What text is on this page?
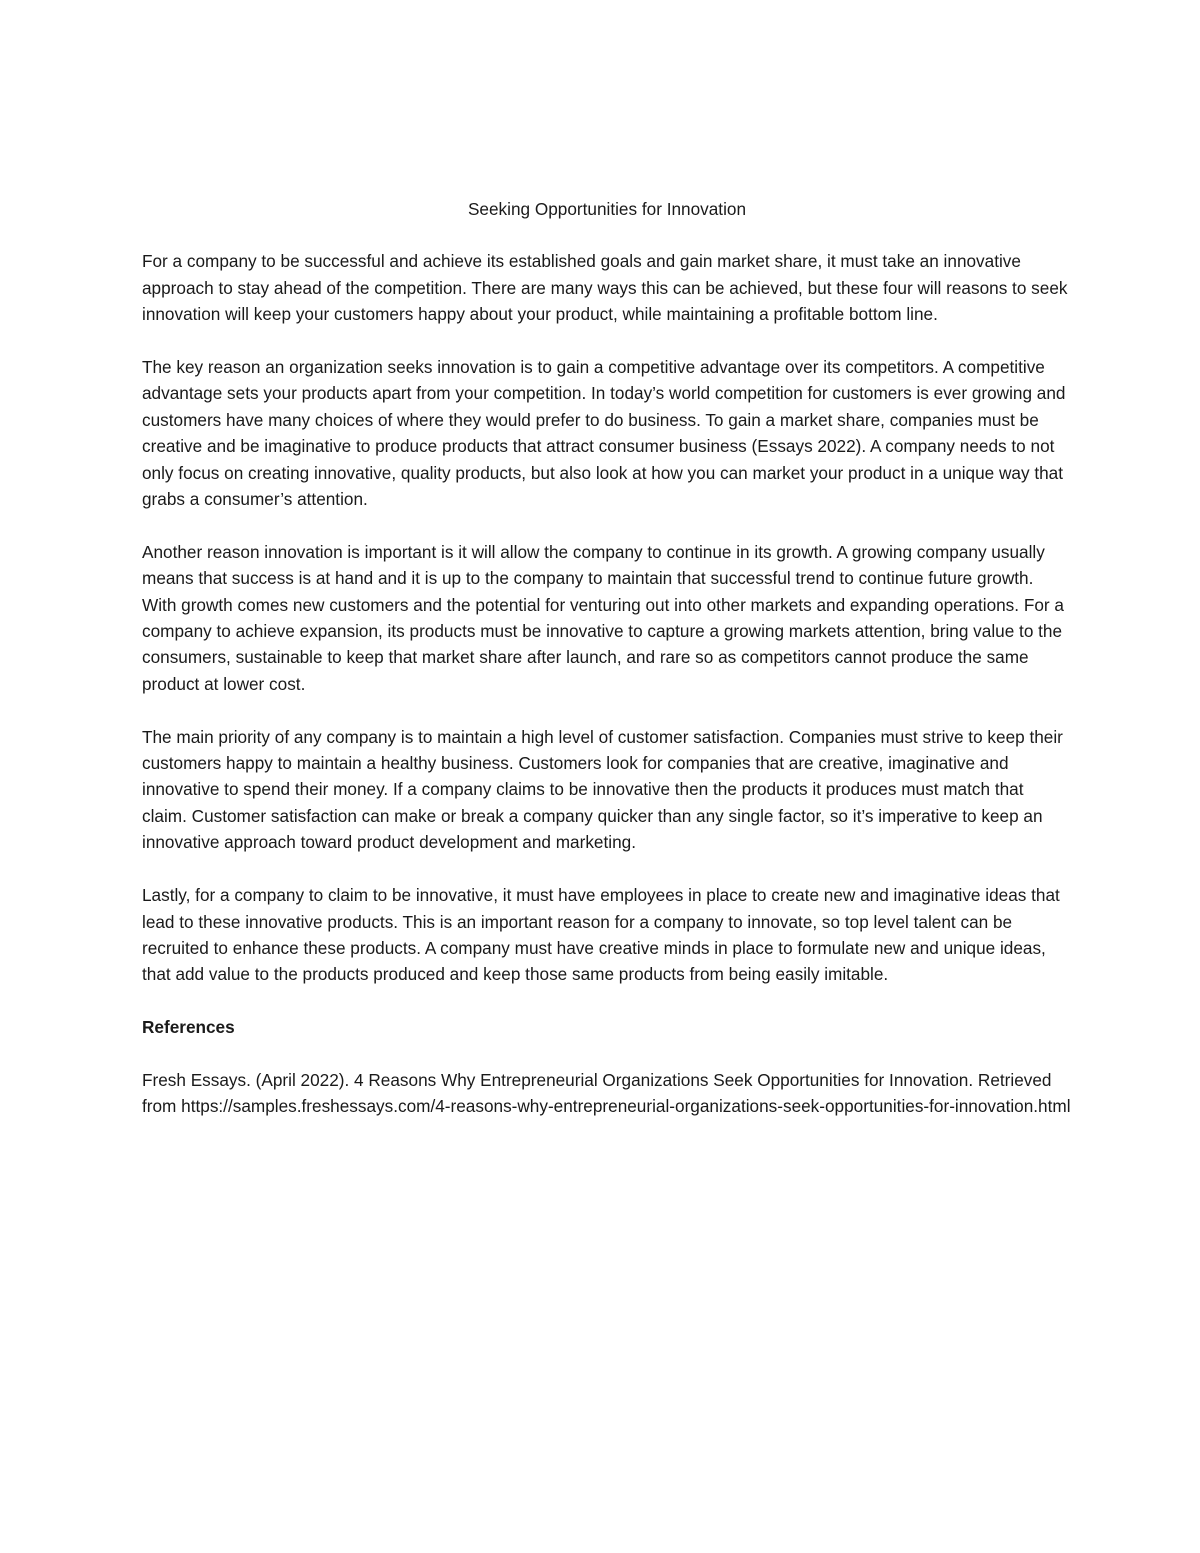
Seeking Opportunities for Innovation

For a company to be successful and achieve its established goals and gain market share, it must take an innovative approach to stay ahead of the competition. There are many ways this can be achieved, but these four will reasons to seek innovation will keep your customers happy about your product, while maintaining a profitable bottom line.

The key reason an organization seeks innovation is to gain a competitive advantage over its competitors. A competitive advantage sets your products apart from your competition. In today’s world competition for customers is ever growing and customers have many choices of where they would prefer to do business. To gain a market share, companies must be creative and be imaginative to produce products that attract consumer business (Essays 2022). A company needs to not only focus on creating innovative, quality products, but also look at how you can market your product in a unique way that grabs a consumer’s attention.

Another reason innovation is important is it will allow the company to continue in its growth. A growing company usually means that success is at hand and it is up to the company to maintain that successful trend to continue future growth. With growth comes new customers and the potential for venturing out into other markets and expanding operations. For a company to achieve expansion, its products must be innovative to capture a growing markets attention, bring value to the consumers, sustainable to keep that market share after launch, and rare so as competitors cannot produce the same product at lower cost.

The main priority of any company is to maintain a high level of customer satisfaction. Companies must strive to keep their customers happy to maintain a healthy business. Customers look for companies that are creative, imaginative and innovative to spend their money. If a company claims to be innovative then the products it produces must match that claim. Customer satisfaction can make or break a company quicker than any single factor, so it’s imperative to keep an innovative approach toward product development and marketing.

Lastly, for a company to claim to be innovative, it must have employees in place to create new and imaginative ideas that lead to these innovative products. This is an important reason for a company to innovate, so top level talent can be recruited to enhance these products. A company must have creative minds in place to formulate new and unique ideas, that add value to the products produced and keep those same products from being easily imitable.

References

Fresh Essays. (April 2022). 4 Reasons Why Entrepreneurial Organizations Seek Opportunities for Innovation. Retrieved from https://samples.freshessays.com/4-reasons-why-entrepreneurial-organizations-seek-opportunities-for-innovation.html
